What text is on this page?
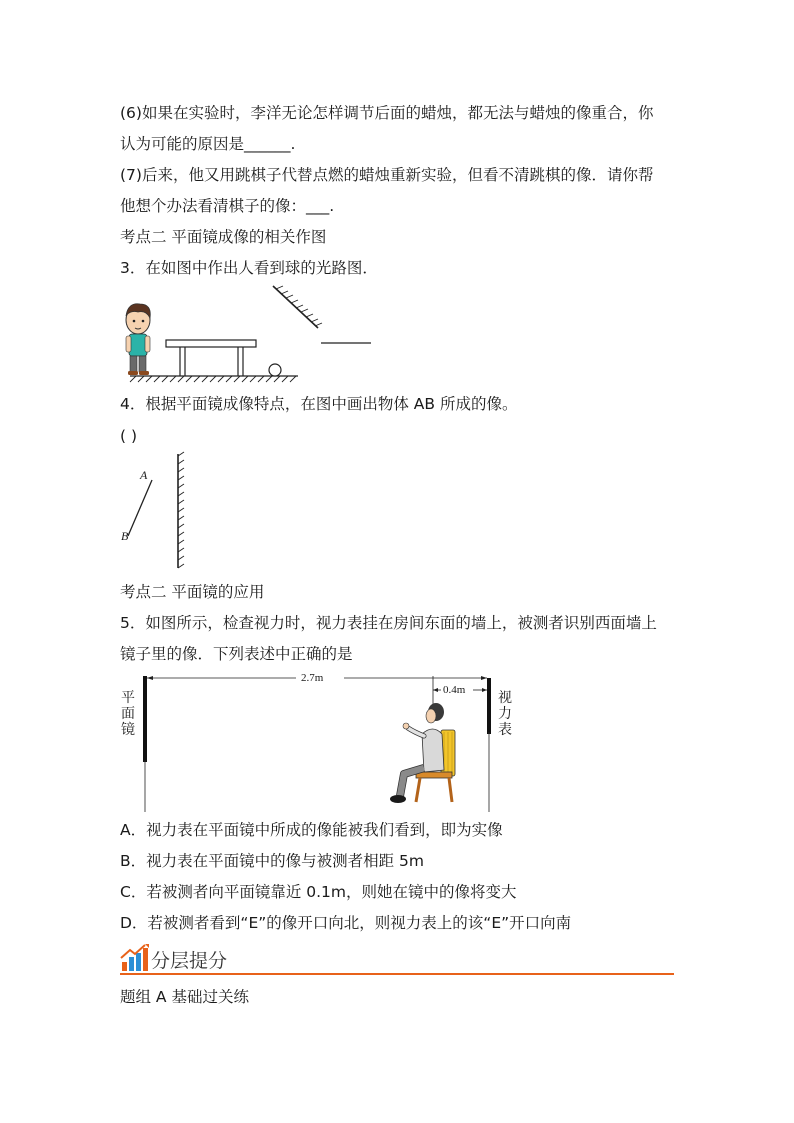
(6)如果在实验时，李洋无论怎样调节后面的蜡烛，都无法与蜡烛的像重合，你
认为可能的原因是______.
(7)后来，他又用跳棋子代替点燃的蜡烛重新实验，但看不清跳棋的像．请你帮
他想个办法看清棋子的像：___.
考点二 平面镜成像的相关作图
3．在如图中作出人看到球的光路图．
4．根据平面镜成像特点，在图中画出物体 AB 所成的像。
( )
A
B
考点二 平面镜的应用
5．如图所示，检查视力时，视力表挂在房间东面的墙上，被测者识别西面墙上
镜子里的像．下列表述中正确的是
2.7m
0.4m
平
面
镜
视
力
表
A．视力表在平面镜中所成的像能被我们看到，即为实像
B．视力表在平面镜中的像与被测者相距 5m
C．若被测者向平面镜靠近 0.1m，则她在镜中的像将变大
D．若被测者看到“E”的像开口向北，则视力表上的该“E”开口向南
分层提分
题组 A 基础过关练
